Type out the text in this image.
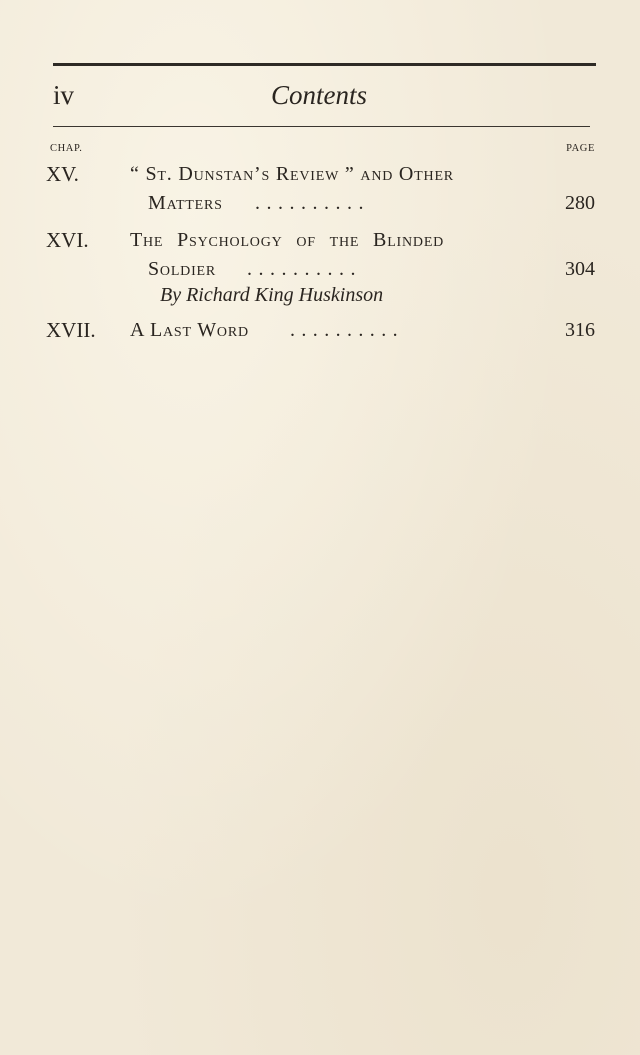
iv	Contents
CHAP.	PAGE
XV.	“ St. Dunstan’s Review ” and Other
Matters ..........	280
XVI. The Psychology of the Blinded
Soldier ..........	304
By Richard King Huskinson
XVII. A Last Word ..........	316
